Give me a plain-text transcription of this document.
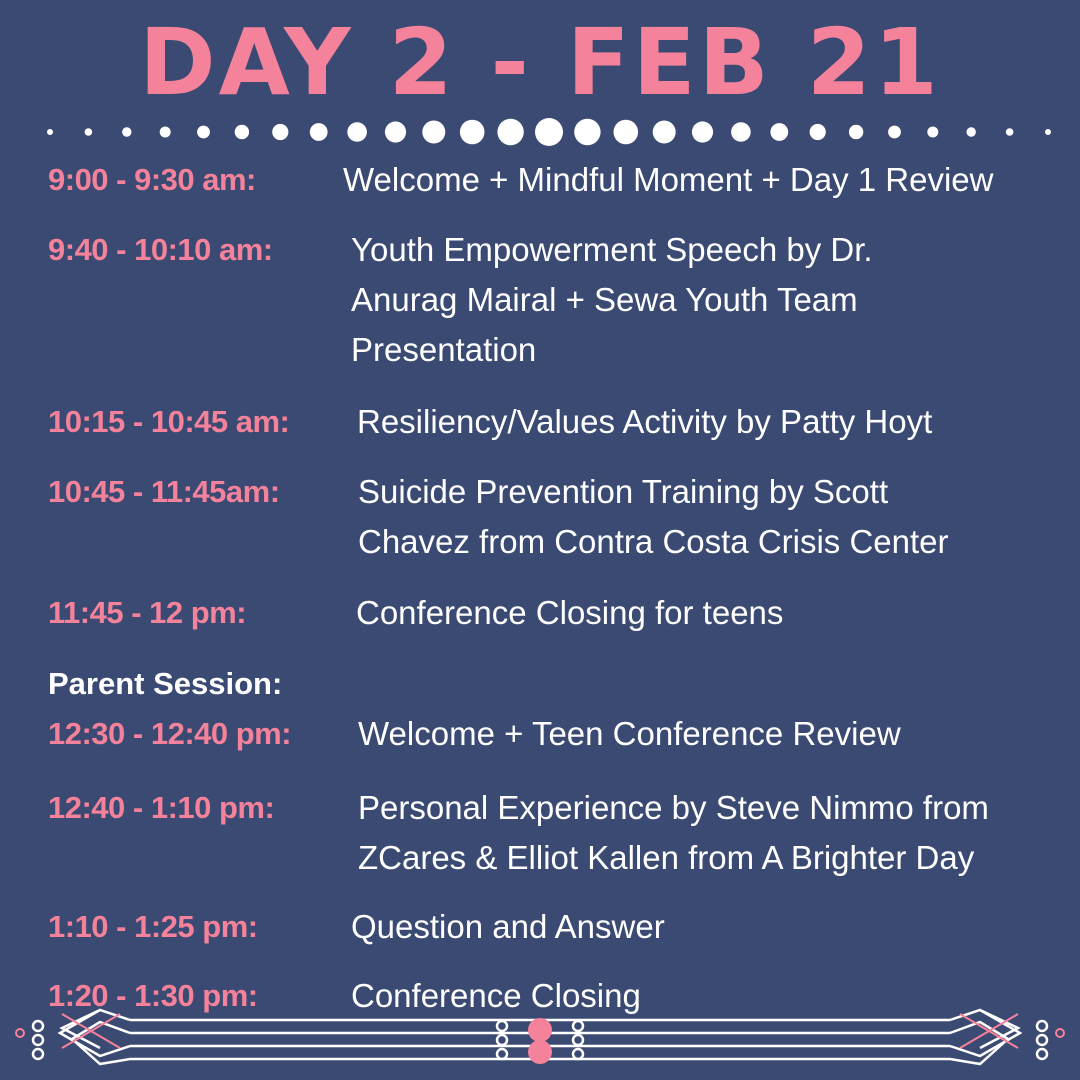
DAY 2 - FEB 21
9:00 - 9:30 am:	Welcome + Mindful Moment + Day 1 Review
9:40 - 10:10 am: Youth Empowerment Speech by Dr. Anurag Mairal + Sewa Youth Team Presentation
10:15 - 10:45 am: Resiliency/Values Activity by Patty Hoyt
10:45 - 11:45am: Suicide Prevention Training by Scott Chavez from Contra Costa Crisis Center
11:45 - 12 pm:	Conference Closing for teens
Parent Session:
12:30 - 12:40 pm: Welcome + Teen Conference Review
12:40 - 1:10 pm:	Personal Experience by Steve Nimmo from ZCares & Elliot Kallen from A Brighter Day
1:10 - 1:25 pm:	Question and Answer
1:20 - 1:30 pm:	Conference Closing
